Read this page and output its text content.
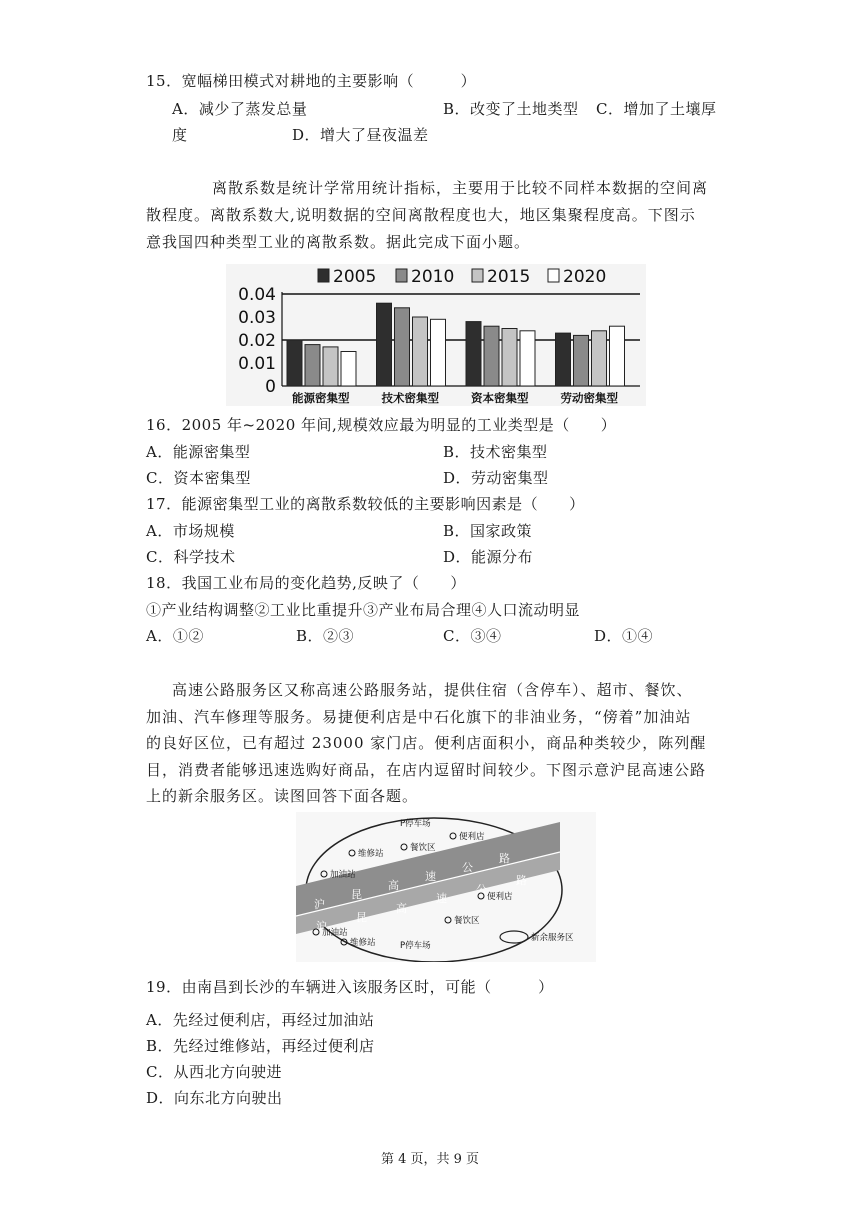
15．宽幅梯田模式对耕地的主要影响（　　　）
A．减少了蒸发总量	B．改变了土地类型 C．增加了土壤厚
度	D．增大了昼夜温差
离散系数是统计学常用统计指标，主要用于比较不同样本数据的空间离
散程度。离散系数大,说明数据的空间离散程度也大，地区集聚程度高。下图示
意我国四种类型工业的离散系数。据此完成下面小题。
2005 2010 2015 2020
0.04
0.03
0.02
0.01
0
能源密集型	技术密集型	资本密集型	劳动密集型
16．2005 年~2020 年间,规模效应最为明显的工业类型是（　　）
A．能源密集型	B．技术密集型
C．资本密集型	D．劳动密集型
17．能源密集型工业的离散系数较低的主要影响因素是（　　）
A．市场规模	B．国家政策
C．科学技术	D．能源分布
18．我国工业布局的变化趋势,反映了（　　）
①产业结构调整②工业比重提升③产业布局合理④人口流动明显
A．①②	B．②③	C．③④	D．①④
高速公路服务区又称高速公路服务站，提供住宿（含停车）、超市、餐饮、
加油、汽车修理等服务。易捷便利店是中石化旗下的非油业务，“傍着”加油站
的良好区位，已有超过 23000 家门店。便利店面积小，商品种类较少，陈列醒
目，消费者能够迅速选购好商品，在店内逗留时间较少。下图示意沪昆高速公路
上的新余服务区。读图回答下面各题。
沪
昆
高
速
公
路
沪
昆
高
速
公
路
P停车场
维修站
餐饮区
便利店
加油站
便利店
餐饮区
P停车场
维修站
加油站	新余服务区
19．由南昌到长沙的车辆进入该服务区时，可能（　　　）
A．先经过便利店，再经过加油站
B．先经过维修站，再经过便利店
C．从西北方向驶进
D．向东北方向驶出
第 4 页，共 9 页
